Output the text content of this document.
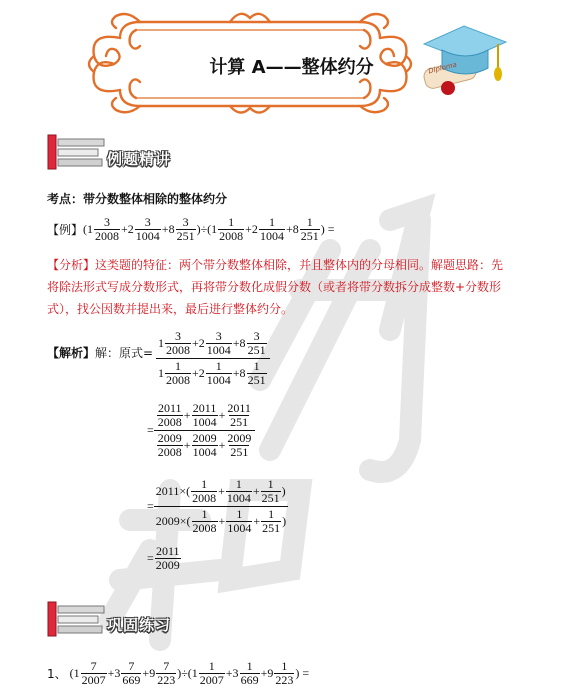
计算 A——整体约分	Diploma
例题精讲
考点：带分数整体相除的整体约分
【例】 $(1 \frac{3}{2008} +2 \frac{3}{1004} +8 \frac{3}{251} )\div(1 \frac{1}{2008} +2 \frac{1}{1004} +8 \frac{1}{251}$ ) =
【分析】这类题的特征：两个带分数整体相除，并且整体内的分母相同。解题思路：先
将除法形式写成分数形式，再将带分数化成假分数（或者将带分数拆分成整数+分数形
式），找公因数并提出来，最后进行整体约分。
【解析】 解：原式= $\frac{1 \frac{3}{2008} +2 \frac{3}{1004} +8 \frac{3}{251}}{1 \frac{1}{2008} +2 \frac{1}{1004} +8 \frac{1}{251}}$
= $\frac{\frac{2011}{2008} + \frac{2011}{1004} + \frac{2011}{251}}{\frac{2009}{2008} + \frac{2009}{1004} + \frac{2009}{251}}$
= $\frac{2011\times( \frac{1}{2008} + \frac{1}{1004} + \frac{1}{251} )}{2009\times( \frac{1}{2008} + \frac{1}{1004} + \frac{1}{251} )}$
= $\frac{2011}{2009}$
巩固练习
1、 $(1 \frac{7}{2007} +3 \frac{7}{669} +9 \frac{7}{223} )\div(1 \frac{1}{2007} +3 \frac{1}{669} +9 \frac{1}{223}$ ) =
